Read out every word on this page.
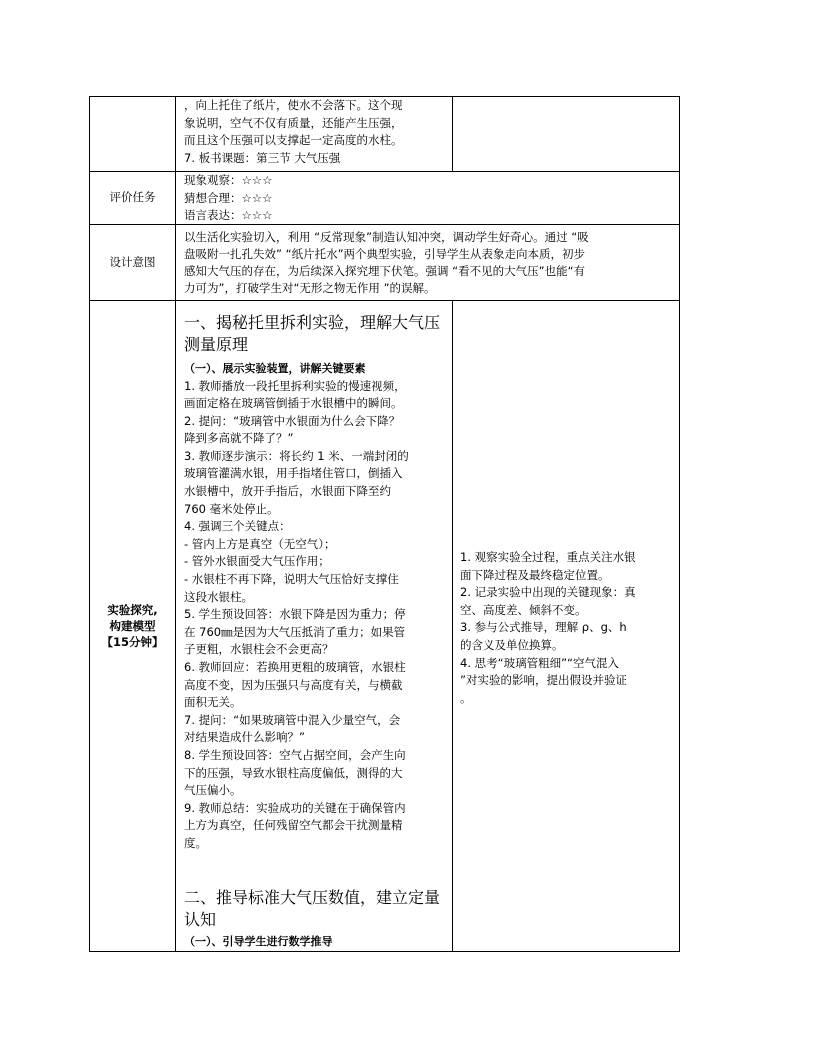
，向上托住了纸片，使水不会落下。这个现
象说明，空气不仅有质量，还能产生压强，
而且这个压强可以支撑起一定高度的水柱。
7. 板书课题：第三节 大气压强
评价任务
现象观察：☆☆☆
猜想合理：☆☆☆
语言表达：☆☆☆
设计意图
以生活化实验切入，利用 “反常现象”制造认知冲突，调动学生好奇心。通过 “吸
盘吸附一扎孔失效” “纸片托水”两个典型实验，引导学生从表象走向本质，初步
感知大气压的存在，为后续深入探究埋下伏笔。强调 “看不见的大气压”也能“有
力可为”，打破学生对“无形之物无作用 ”的误解。
实验探究,
构建模型
【15分钟】
一、揭秘托里拆利实验，理解大气压
测量原理
（一）、展示实验装置，讲解关键要素
1. 教师播放一段托里拆利实验的慢速视频，
画面定格在玻璃管倒插于水银槽中的瞬间。
2. 提问：“玻璃管中水银面为什么会下降？
降到多高就不降了？”
3. 教师逐步演示：将长约 1 米、一端封闭的
玻璃管灌满水银，用手指堵住管口，倒插入
水银槽中，放开手指后，水银面下降至约
760 毫米处停止。
4. 强调三个关键点：
- 管内上方是真空（无空气）；
- 管外水银面受大气压作用；
- 水银柱不再下降，说明大气压恰好支撑住
这段水银柱。
5. 学生预设回答：水银下降是因为重力；停
在 760㎜是因为大气压抵消了重力；如果管
子更粗，水银柱会不会更高？
6. 教师回应：若换用更粗的玻璃管，水银柱
高度不变，因为压强只与高度有关，与横截
面积无关。
7. 提问：“如果玻璃管中混入少量空气，会
对结果造成什么影响？”
8. 学生预设回答：空气占据空间，会产生向
下的压强，导致水银柱高度偏低，测得的大
气压偏小。
9. 教师总结：实验成功的关键在于确保管内
上方为真空，任何残留空气都会干扰测量精
度。
二、推导标准大气压数值，建立定量
认知
（一）、引导学生进行数学推导
1. 观察实验全过程，重点关注水银
面下降过程及最终稳定位置。
2. 记录实验中出现的关键现象：真
空、高度差、倾斜不变。
3. 参与公式推导，理解 ρ、g、h
的含义及单位换算。
4. 思考“玻璃管粗细”“空气混入
”对实验的影响，提出假设并验证
。
